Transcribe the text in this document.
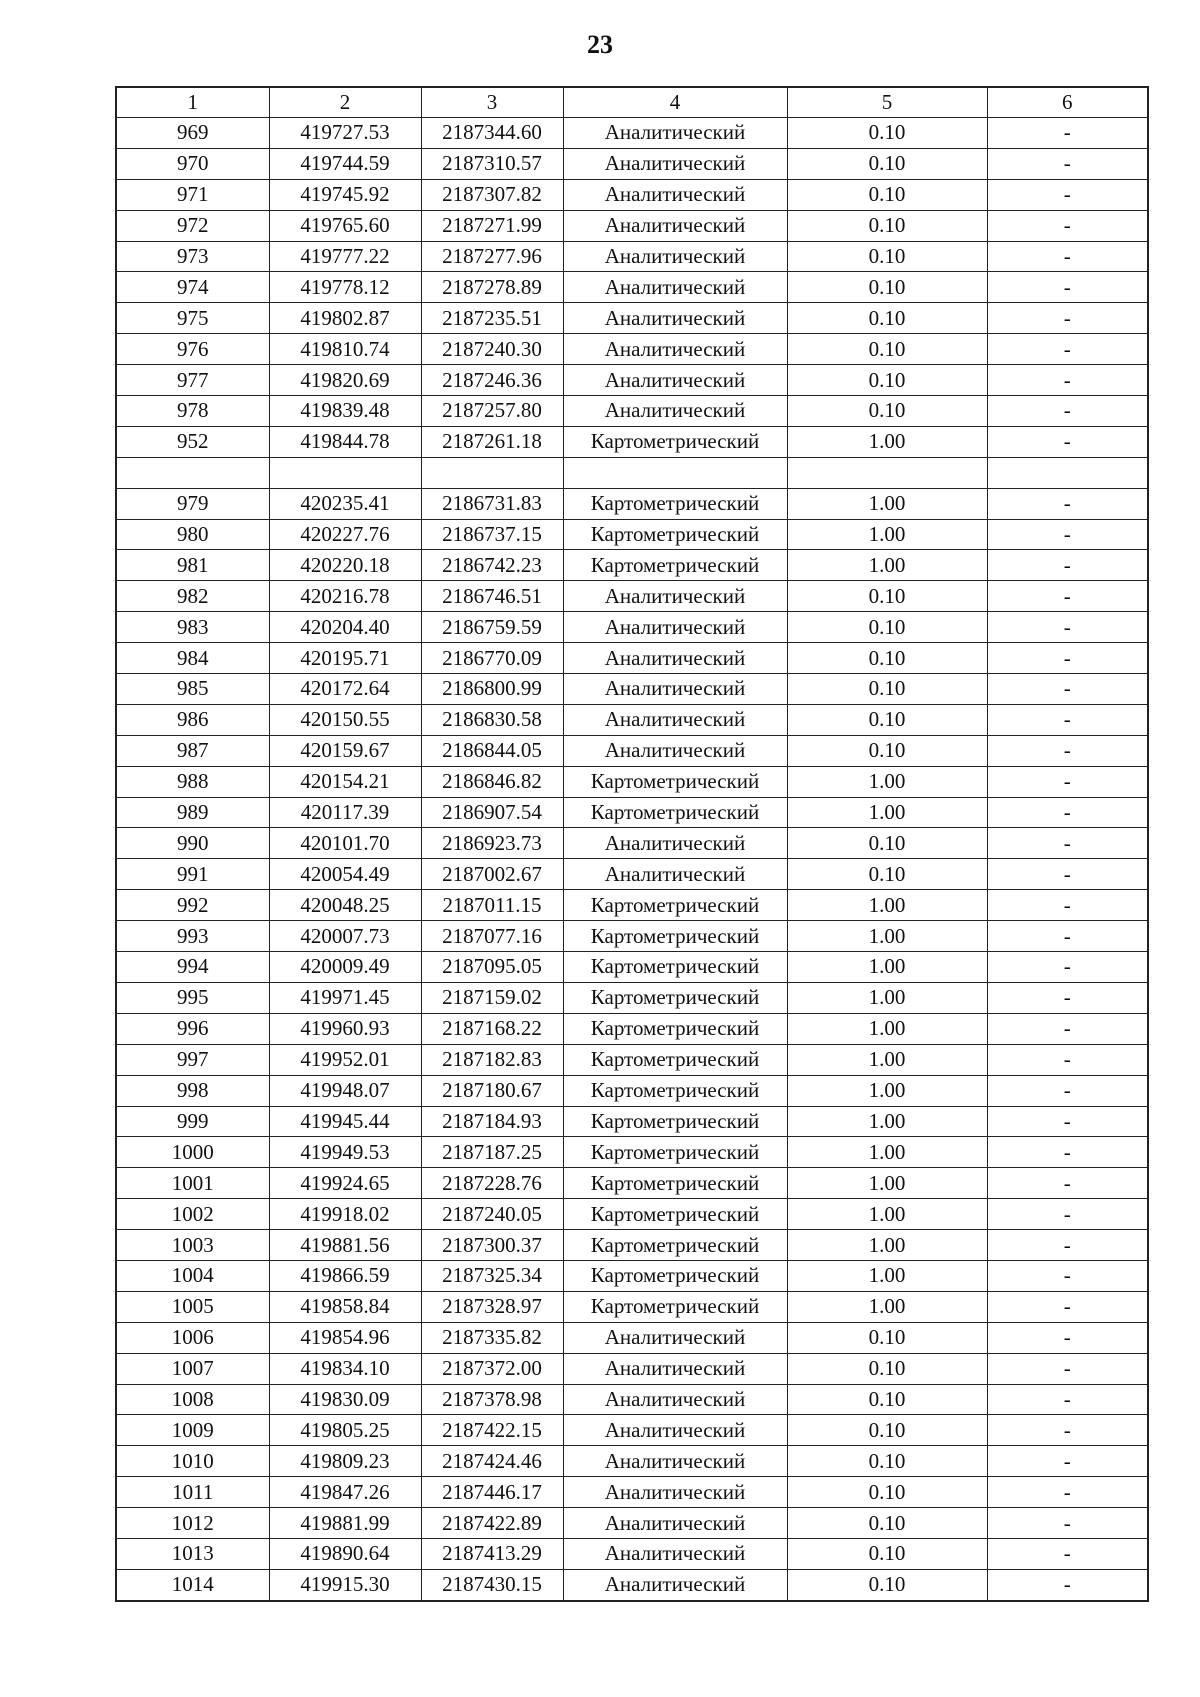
23
1	2	3	4	5	6
969	419727.53	2187344.60	Аналитический	0.10	-
970	419744.59	2187310.57	Аналитический	0.10	-
971	419745.92	2187307.82	Аналитический	0.10	-
972	419765.60	2187271.99	Аналитический	0.10	-
973	419777.22	2187277.96	Аналитический	0.10	-
974	419778.12	2187278.89	Аналитический	0.10	-
975	419802.87	2187235.51	Аналитический	0.10	-
976	419810.74	2187240.30	Аналитический	0.10	-
977	419820.69	2187246.36	Аналитический	0.10	-
978	419839.48	2187257.80	Аналитический	0.10	-
952	419844.78	2187261.18	Картометрический	1.00	-

979	420235.41	2186731.83	Картометрический	1.00	-
980	420227.76	2186737.15	Картометрический	1.00	-
981	420220.18	2186742.23	Картометрический	1.00	-
982	420216.78	2186746.51	Аналитический	0.10	-
983	420204.40	2186759.59	Аналитический	0.10	-
984	420195.71	2186770.09	Аналитический	0.10	-
985	420172.64	2186800.99	Аналитический	0.10	-
986	420150.55	2186830.58	Аналитический	0.10	-
987	420159.67	2186844.05	Аналитический	0.10	-
988	420154.21	2186846.82	Картометрический	1.00	-
989	420117.39	2186907.54	Картометрический	1.00	-
990	420101.70	2186923.73	Аналитический	0.10	-
991	420054.49	2187002.67	Аналитический	0.10	-
992	420048.25	2187011.15	Картометрический	1.00	-
993	420007.73	2187077.16	Картометрический	1.00	-
994	420009.49	2187095.05	Картометрический	1.00	-
995	419971.45	2187159.02	Картометрический	1.00	-
996	419960.93	2187168.22	Картометрический	1.00	-
997	419952.01	2187182.83	Картометрический	1.00	-
998	419948.07	2187180.67	Картометрический	1.00	-
999	419945.44	2187184.93	Картометрический	1.00	-
1000	419949.53	2187187.25	Картометрический	1.00	-
1001	419924.65	2187228.76	Картометрический	1.00	-
1002	419918.02	2187240.05	Картометрический	1.00	-
1003	419881.56	2187300.37	Картометрический	1.00	-
1004	419866.59	2187325.34	Картометрический	1.00	-
1005	419858.84	2187328.97	Картометрический	1.00	-
1006	419854.96	2187335.82	Аналитический	0.10	-
1007	419834.10	2187372.00	Аналитический	0.10	-
1008	419830.09	2187378.98	Аналитический	0.10	-
1009	419805.25	2187422.15	Аналитический	0.10	-
1010	419809.23	2187424.46	Аналитический	0.10	-
1011	419847.26	2187446.17	Аналитический	0.10	-
1012	419881.99	2187422.89	Аналитический	0.10	-
1013	419890.64	2187413.29	Аналитический	0.10	-
1014	419915.30	2187430.15	Аналитический	0.10	-
